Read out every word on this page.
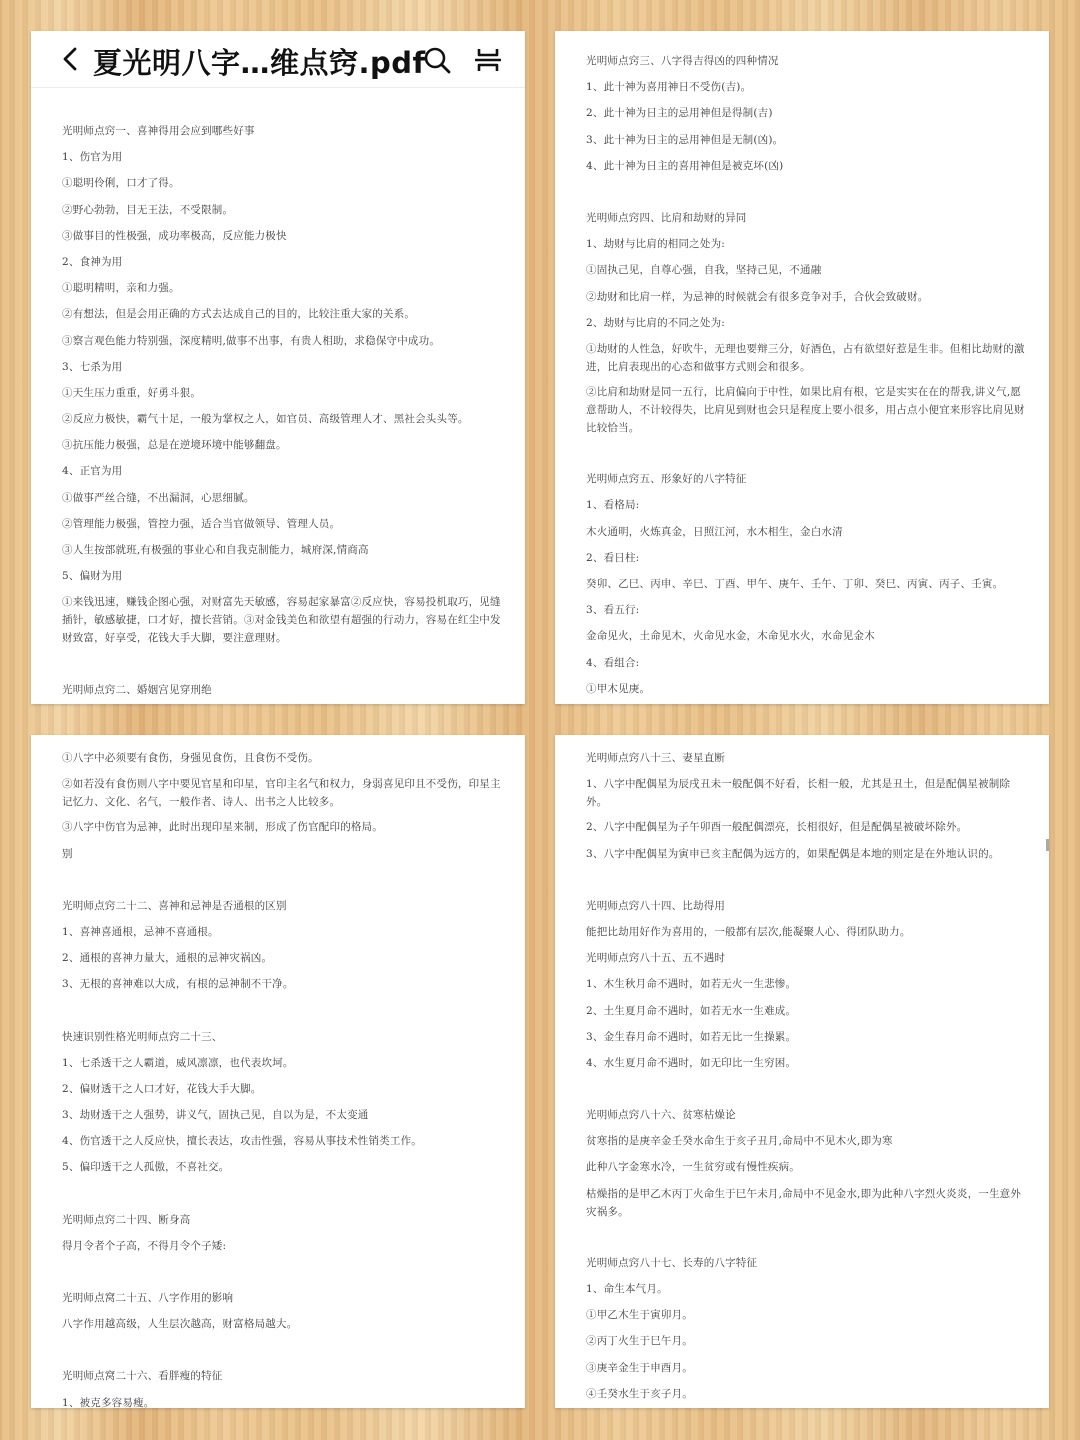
夏光明八字…维点窍.pdf
光明师点窍一、喜神得用会应到哪些好事
1、伤官为用
①聪明伶俐，口才了得。
②野心勃勃，目无王法，不受限制。
③做事目的性极强，成功率极高，反应能力极快
2、食神为用
①聪明精明，亲和力强。
②有想法，但是会用正确的方式去达成自己的目的，比较注重大家的关系。
③察言观色能力特别强，深度精明,做事不出事，有贵人相助，求稳保守中成功。
3、七杀为用
①天生压力重重，好勇斗狠。
②反应力极快，霸气十足，一般为掌权之人，如官员、高级管理人才、黑社会头头等。
③抗压能力极强，总是在逆境环境中能够翻盘。
4、正官为用
①做事严丝合缝，不出漏洞，心思细腻。
②管理能力极强，管控力强，适合当官做领导、管理人员。
③人生按部就班,有极强的事业心和自我克制能力，城府深,情商高
5、偏财为用
①来钱迅速，赚钱企图心强，对财富先天敏感，容易起家暴富②反应快，容易投机取巧，见缝插针，敏感敏捷，口才好，擅长营销。③对金钱美色和欲望有超强的行动力，容易在红尘中发财致富，好享受，花钱大手大脚，要注意理财。
光明师点窍二、婚姻宫见穿刑绝
光明师点窍三、八字得吉得凶的四种情况
1、此十神为喜用神日不受伤(吉)。
2、此十神为日主的忌用神但是得制(吉)
3、此十神为日主的忌用神但是无制(凶)。
4、此十神为日主的喜用神但是被克坏(凶)
光明师点窍四、比肩和劫财的异同
1、劫财与比肩的相同之处为:
①固执己见，自尊心强，自我，坚持己见，不通融
②劫财和比肩一样，为忌神的时候就会有很多竞争对手，合伙会致破财。
2、劫财与比肩的不同之处为:
①劫财的人性急，好吹牛，无理也要辩三分，好酒色，占有欲望好惹是生非。但相比劫财的激进，比肩表现出的心态和做事方式则会和很多。
②比肩和劫财是同一五行，比肩偏向于中性，如果比肩有根，它是实实在在的帮我,讲义气,愿意帮助人，不计较得失，比肩见到财也会只是程度上要小很多，用占点小便宜来形容比肩见财比较恰当。
光明师点窍五、形象好的八字特征
1、看格局:
木火通明，火炼真金，日照江河，水木相生，金白水清
2、看日柱:
癸卯、乙巳、丙申、辛巳、丁酉、甲午、庚午、壬午、丁卯、癸巳、丙寅、丙子、壬寅。
3、看五行:
金命见火，土命见木，火命见水金，木命见水火，水命见金木
4、看组合:
①甲木见庚。
①八字中必须要有食伤，身强见食伤，且食伤不受伤。
②如若没有食伤则八字中要见官星和印星，官印主名气和权力，身弱喜见印且不受伤，印星主记忆力、文化、名气，一般作者、诗人、出书之人比较多。
③八字中伤官为忌神，此时出现印星来制，形成了伤官配印的格局。
别
光明师点窍二十二、喜神和忌神是否通根的区别
1、喜神喜通根，忌神不喜通根。
2、通根的喜神力量大，通根的忌神灾祸凶。
3、无根的喜神难以大成，有根的忌神制不干净。
快速识别性格光明师点窍二十三、
1、七杀透干之人霸道，威风凛凛，也代表坎坷。
2、偏财透干之人口才好，花钱大手大脚。
3、劫财透干之人强势，讲义气，固执己见，自以为是，不太变通
4、伤官透干之人反应快，擅长表达，攻击性强，容易从事技术性销类工作。
5、偏印透干之人孤傲，不喜社交。
光明师点窍二十四、断身高
得月令者个子高，不得月令个子矮:
光明师点窝二十五、八字作用的影响
八字作用越高级，人生层次越高，财富格局越大。
光明师点窝二十六、看胖瘦的特征
1、被克多容易瘦。
光明师点窍八十三、妻星直断
1、八字中配偶星为辰戌丑未一般配偶不好看，长相一般，尤其是丑土，但是配偶星被制除外。
2、八字中配偶星为子午卯酉一般配偶漂亮，长相很好，但是配偶星被破坏除外。
3、八字中配偶星为寅申已亥主配偶为远方的，如果配偶是本地的则定是在外地认识的。
光明师点窍八十四、比劫得用
能把比劫用好作为喜用的，一般都有层次,能凝聚人心、得团队助力。
光明师点窍八十五、五不遇时
1、木生秋月命不遇时，如若无火一生悲惨。
2、土生夏月命不遇时，如若无水一生难成。
3、金生春月命不遇时，如若无比一生操累。
4、水生夏月命不遇时，如无印比一生穷困。
光明师点窍八十六、贫寒枯燥论
贫寒指的是庚辛金壬癸水命生于亥子丑月,命局中不见木火,即为寒
此种八字金寒水冷，一生贫穷或有慢性疾病。
枯燥指的是甲乙木丙丁火命生于巳午未月,命局中不见金水,即为此种八字烈火炎炎，一生意外灾祸多。
光明师点窍八十七、长寿的八字特征
1、命生本气月。
①甲乙木生于寅卯月。
②丙丁火生于巳午月。
③庚辛金生于申酉月。
④壬癸水生于亥子月。
